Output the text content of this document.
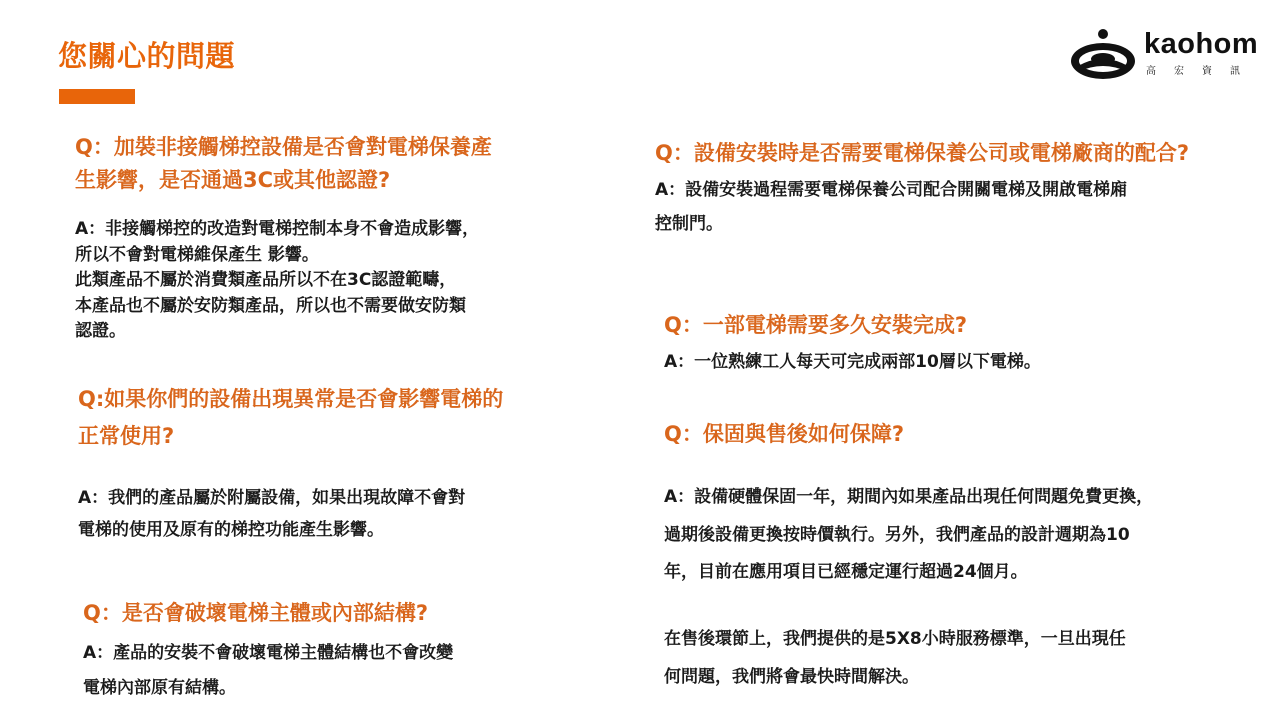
您關心的問題	kaohom
高宏資訊
Q：加裝非接觸梯控設備是否會對電梯保養產
生影響，是否通過3C或其他認證?
A：非接觸梯控的改造對電梯控制本身不會造成影響，
所以不會對電梯維保產生 影響。
此類產品不屬於消費類產品所以不在3C認證範疇，
本產品也不屬於安防類產品，所以也不需要做安防類
認證。
Q:如果你們的設備出現異常是否會影響電梯的
正常使用?
A：我們的產品屬於附屬設備，如果出現故障不會對
電梯的使用及原有的梯控功能產生影響。
Q：是否會破壞電梯主體或內部結構?
A：產品的安裝不會破壞電梯主體結構也不會改變
電梯內部原有結構。
Q：設備安裝時是否需要電梯保養公司或電梯廠商的配合?
A：設備安裝過程需要電梯保養公司配合開關電梯及開啟電梯廂
控制門。
Q：一部電梯需要多久安裝完成?
A：一位熟練工人每天可完成兩部10層以下電梯。
Q：保固與售後如何保障?
A：設備硬體保固一年，期間內如果產品出現任何問題免費更換，
過期後設備更換按時價執行。另外，我們產品的設計週期為10
年，目前在應用項目已經穩定運行超過24個月。
在售後環節上，我們提供的是5X8小時服務標準，一旦出現任
何問題，我們將會最快時間解決。
